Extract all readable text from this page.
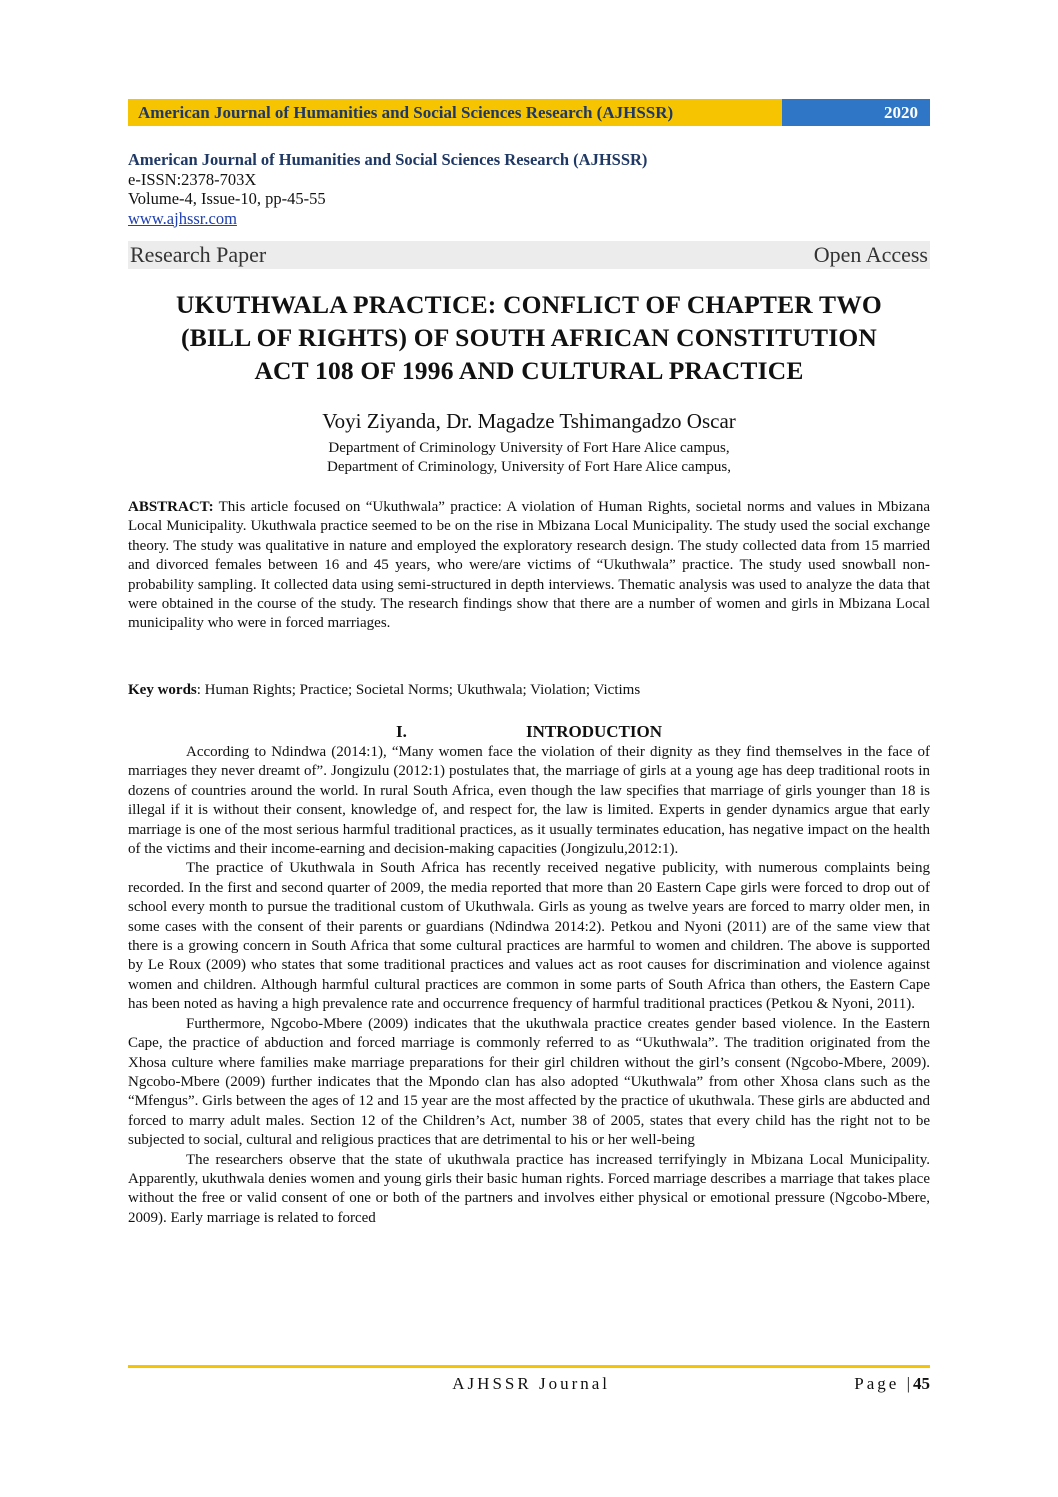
American Journal of Humanities and Social Sciences Research (AJHSSR)	2020
American Journal of Humanities and Social Sciences Research (AJHSSR)
e-ISSN:2378-703X
Volume-4, Issue-10, pp-45-55
www.ajhssr.com
Research Paper	Open Access
UKUTHWALA PRACTICE: CONFLICT OF CHAPTER TWO
(BILL OF RIGHTS) OF SOUTH AFRICAN CONSTITUTION
ACT 108 OF 1996 AND CULTURAL PRACTICE
Voyi Ziyanda, Dr. Magadze Tshimangadzo Oscar
Department of Criminology University of Fort Hare Alice campus,
Department of Criminology, University of Fort Hare Alice campus,
ABSTRACT: This article focused on “Ukuthwala” practice: A violation of Human Rights, societal norms and values in Mbizana Local Municipality. Ukuthwala practice seemed to be on the rise in Mbizana Local Municipality. The study used the social exchange theory. The study was qualitative in nature and employed the exploratory research design. The study collected data from 15 married and divorced females between 16 and 45 years, who were/are victims of “Ukuthwala” practice. The study used snowball non-probability sampling. It collected data using semi-structured in depth interviews. Thematic analysis was used to analyze the data that were obtained in the course of the study. The research findings show that there are a number of women and girls in Mbizana Local municipality who were in forced marriages.
Key words: Human Rights; Practice; Societal Norms; Ukuthwala; Violation; Victims
I.	INTRODUCTION

According to Ndindwa (2014:1), “Many women face the violation of their dignity as they find themselves in the face of marriages they never dreamt of”. Jongizulu (2012:1) postulates that, the marriage of girls at a young age has deep traditional roots in dozens of countries around the world. In rural South Africa, even though the law specifies that marriage of girls younger than 18 is illegal if it is without their consent, knowledge of, and respect for, the law is limited. Experts in gender dynamics argue that early marriage is one of the most serious harmful traditional practices, as it usually terminates education, has negative impact on the health of the victims and their income-earning and decision-making capacities (Jongizulu,2012:1).

The practice of Ukuthwala in South Africa has recently received negative publicity, with numerous complaints being recorded. In the first and second quarter of 2009, the media reported that more than 20 Eastern Cape girls were forced to drop out of school every month to pursue the traditional custom of Ukuthwala. Girls as young as twelve years are forced to marry older men, in some cases with the consent of their parents or guardians (Ndindwa 2014:2). Petkou and Nyoni (2011) are of the same view that there is a growing concern in South Africa that some cultural practices are harmful to women and children. The above is supported by Le Roux (2009) who states that some traditional practices and values act as root causes for discrimination and violence against women and children. Although harmful cultural practices are common in some parts of South Africa than others, the Eastern Cape has been noted as having a high prevalence rate and occurrence frequency of harmful traditional practices (Petkou & Nyoni, 2011).

Furthermore, Ngcobo-Mbere (2009) indicates that the ukuthwala practice creates gender based violence. In the Eastern Cape, the practice of abduction and forced marriage is commonly referred to as “Ukuthwala”. The tradition originated from the Xhosa culture where families make marriage preparations for their girl children without the girl’s consent (Ngcobo-Mbere, 2009). Ngcobo-Mbere (2009) further indicates that the Mpondo clan has also adopted “Ukuthwala” from other Xhosa clans such as the “Mfengus”. Girls between the ages of 12 and 15 year are the most affected by the practice of ukuthwala. These girls are abducted and forced to marry adult males. Section 12 of the Children’s Act, number 38 of 2005, states that every child has the right not to be subjected to social, cultural and religious practices that are detrimental to his or her well-being

The researchers observe that the state of ukuthwala practice has increased terrifyingly in Mbizana Local Municipality. Apparently, ukuthwala denies women and young girls their basic human rights. Forced marriage describes a marriage that takes place without the free or valid consent of one or both of the partners and involves either physical or emotional pressure (Ngcobo-Mbere, 2009). Early marriage is related to forced

AJHSSR Journal	Page |45
